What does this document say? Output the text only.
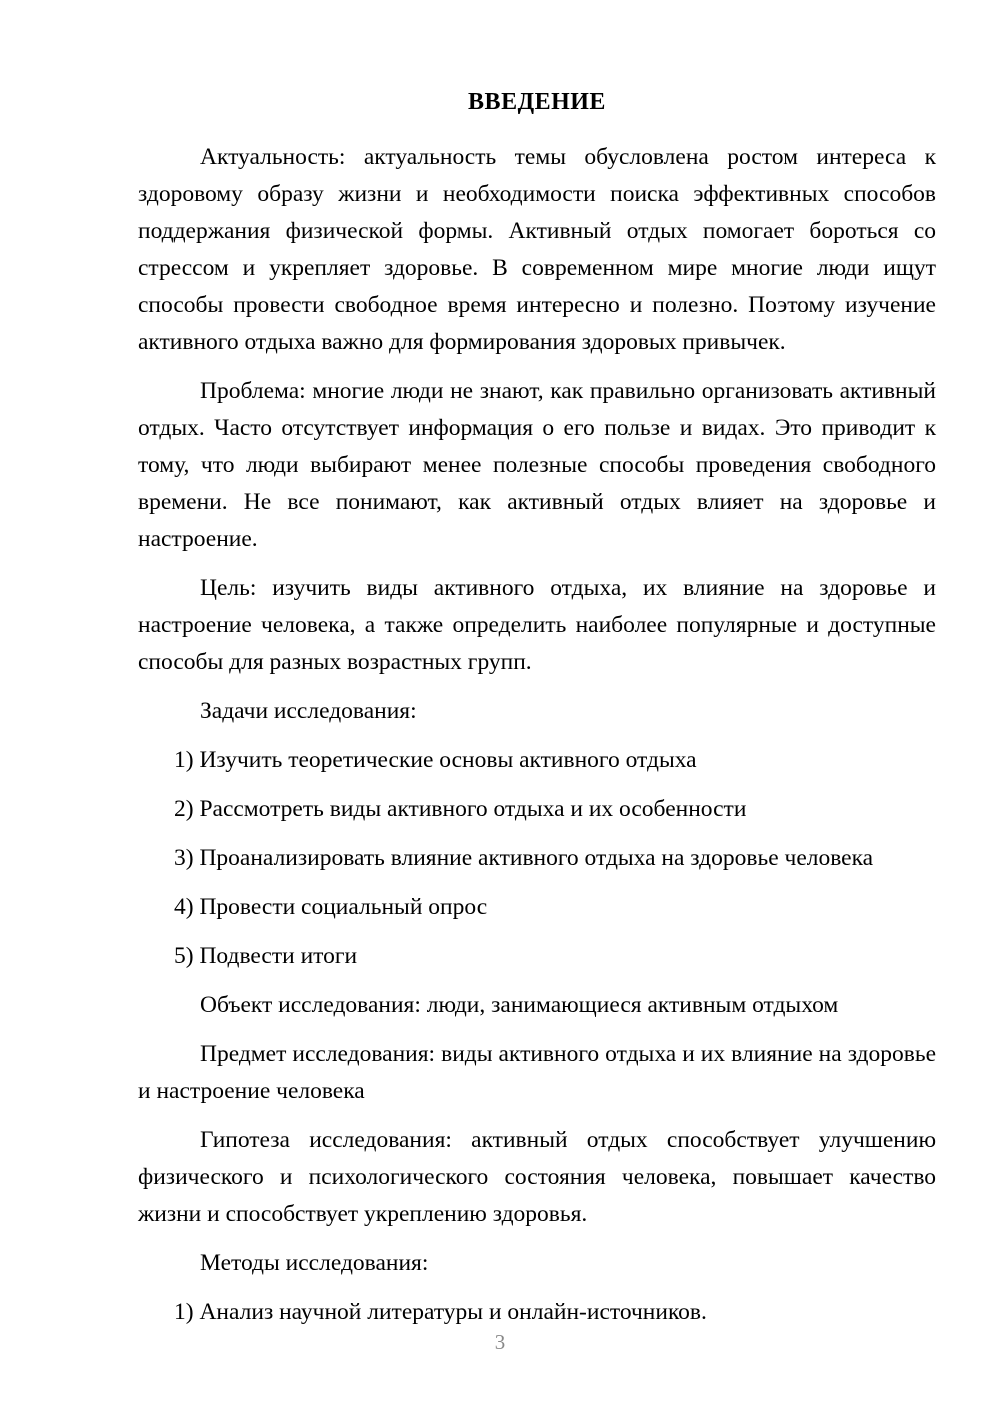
ВВЕДЕНИЕ

Актуальность: актуальность темы обусловлена ростом интереса к здоровому образу жизни и необходимости поиска эффективных способов поддержания физической формы. Активный отдых помогает бороться со стрессом и укрепляет здоровье. В современном мире многие люди ищут способы провести свободное время интересно и полезно. Поэтому изучение активного отдыха важно для формирования здоровых привычек.

Проблема: многие люди не знают, как правильно организовать активный отдых. Часто отсутствует информация о его пользе и видах. Это приводит к тому, что люди выбирают менее полезные способы проведения свободного времени. Не все понимают, как активный отдых влияет на здоровье и настроение.

Цель: изучить виды активного отдыха, их влияние на здоровье и настроение человека, а также определить наиболее популярные и доступные способы для разных возрастных групп.

Задачи исследования:

1) Изучить теоретические основы активного отдыха
2) Рассмотреть виды активного отдыха и их особенности
3) Проанализировать влияние активного отдыха на здоровье человека
4) Провести социальный опрос
5) Подвести итоги

Объект исследования: люди, занимающиеся активным отдыхом

Предмет исследования: виды активного отдыха и их влияние на здоровье и настроение человека

Гипотеза исследования: активный отдых способствует улучшению физического и психологического состояния человека, повышает качество жизни и способствует укреплению здоровья.

Методы исследования:

1) Анализ научной литературы и онлайн-источников.
3
